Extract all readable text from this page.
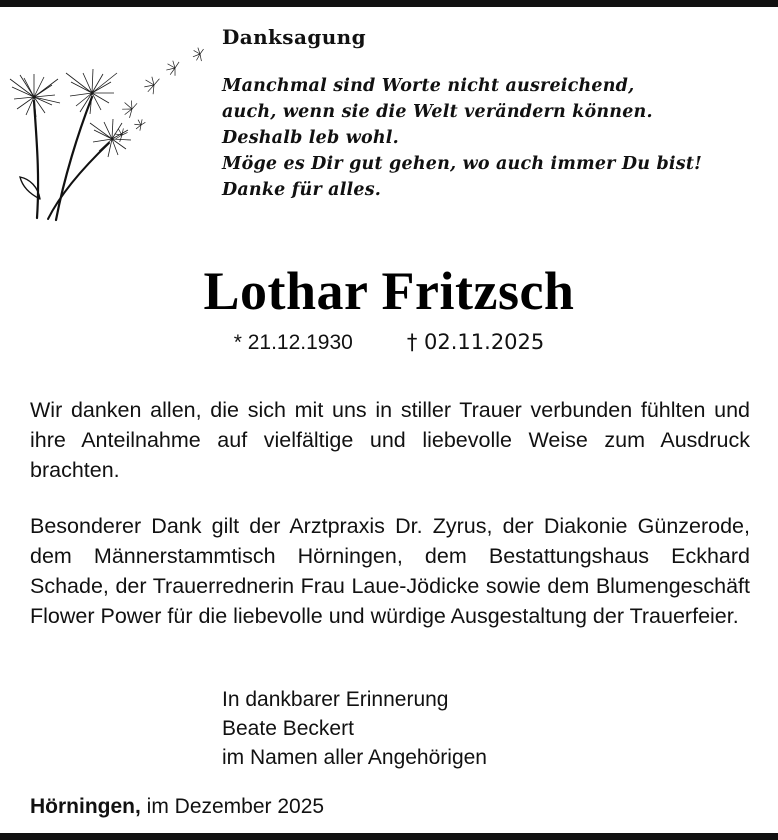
Danksagung
Manchmal sind Worte nicht ausreichend,
auch, wenn sie die Welt verändern können.
Deshalb leb wohl.
Möge es Dir gut gehen, wo auch immer Du bist!
Danke für alles.
Lothar Fritzsch
* 21.12.1930	† 02.11.2025

Wir danken allen, die sich mit uns in stiller Trauer verbunden fühlten und ihre Anteilnahme auf vielfältige und liebevolle Weise zum Ausdruck brachten.

Besonderer Dank gilt der Arztpraxis Dr. Zyrus, der Diakonie Günzerode, dem Männerstammtisch Hörningen, dem Bestattungshaus Eckhard Schade, der Trauerrednerin Frau Laue-Jödicke sowie dem Blumengeschäft Flower Power für die liebevolle und würdige Ausgestaltung der Trauerfeier.

In dankbarer Erinnerung
Beate Beckert
im Namen aller Angehörigen
Hörningen, im Dezember 2025
